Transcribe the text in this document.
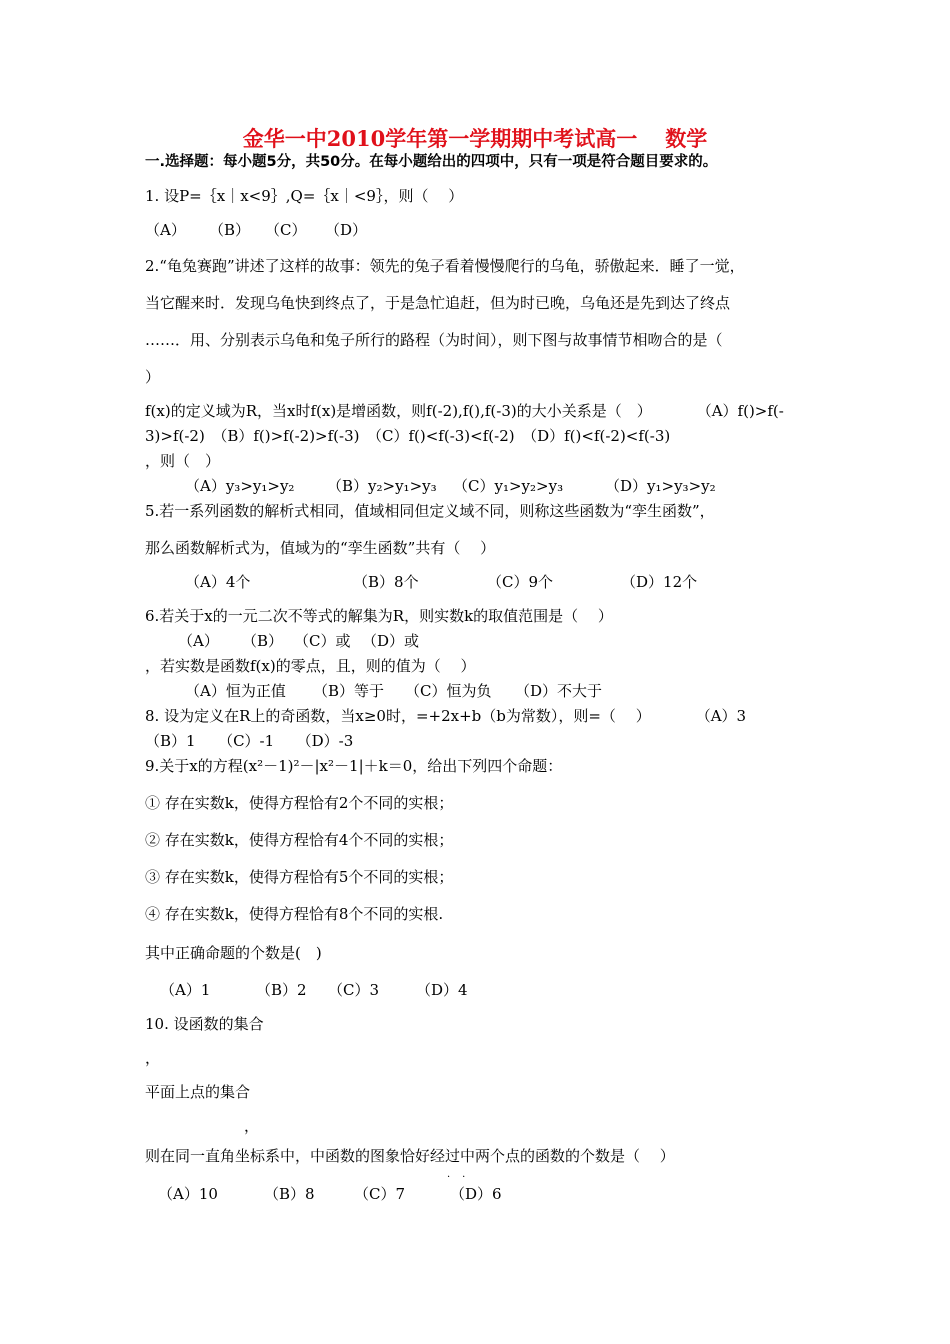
金华一中2010学年第一学期期中考试高一 数学
一.选择题：每小题5分，共50分。在每小题给出的四项中，只有一项是符合题目要求的。
1. 设P=｛x｜x<9｝,Q=｛x｜<9｝，则（　 ）
（A） （B） （C） （D）
2.“龟兔赛跑”讲述了这样的故事：领先的兔子看着慢慢爬行的乌龟，骄傲起来．睡了一觉，
当它醒来时．发现乌龟快到终点了，于是急忙追赶，但为时已晚，乌龟还是先到达了终点
……．用、分别表示乌龟和兔子所行的路程（为时间），则下图与故事情节相吻合的是（
）
f(x)的定义域为R，当x时f(x)是增函数，则f(-2),f(),f(-3)的大小关系是（　）　　　　（A）f()>f(-
3)>f(-2)　（B）f()>f(-2)>f(-3)　（C）f()<f(-3)<f(-2)　（D）f()<f(-2)<f(-3)
，则（　）
（A）y₃>y₁>y₂ （B）y₂>y₁>y₃ （C）y₁>y₂>y₃	（D）y₁>y₃>y₂
5.若一系列函数的解析式相同，值域相同但定义域不同，则称这些函数为“孪生函数”，
那么函数解析式为，值域为的“孪生函数”共有（　 ）
（A）4个	（B）8个	（C）9个	（D）12个
6.若关于x的一元二次不等式的解集为R，则实数k的取值范围是（　 ）
（A） （B） （C）或 （D）或
，若实数是函数f(x)的零点，且，则的值为（　 ）
（A）恒为正值 （B）等于 （C）恒为负 （D）不大于
8. 设为定义在R上的奇函数，当x≥0时，=+2x+b（b为常数），则=（　 ）　　　　（A）3
（B）1　　（C）-1　　（D）-3
9.关于x的方程(x²－1)²－|x²－1|＋k＝0，给出下列四个命题：
① 存在实数k，使得方程恰有2个不同的实根；
② 存在实数k，使得方程恰有4个不同的实根；
③ 存在实数k，使得方程恰有5个不同的实根；
④ 存在实数k，使得方程恰有8个不同的实根.
其中正确命题的个数是(　)
（A）1	（B）2 （C）3 （D）4
10. 设函数的集合
，
平面上点的集合
，
则在同一直角坐标系中，中函数的图象恰好经过中两个点的函数的个数是（　 ）
··
（A）10	（B）8	（C）7	（D）6
